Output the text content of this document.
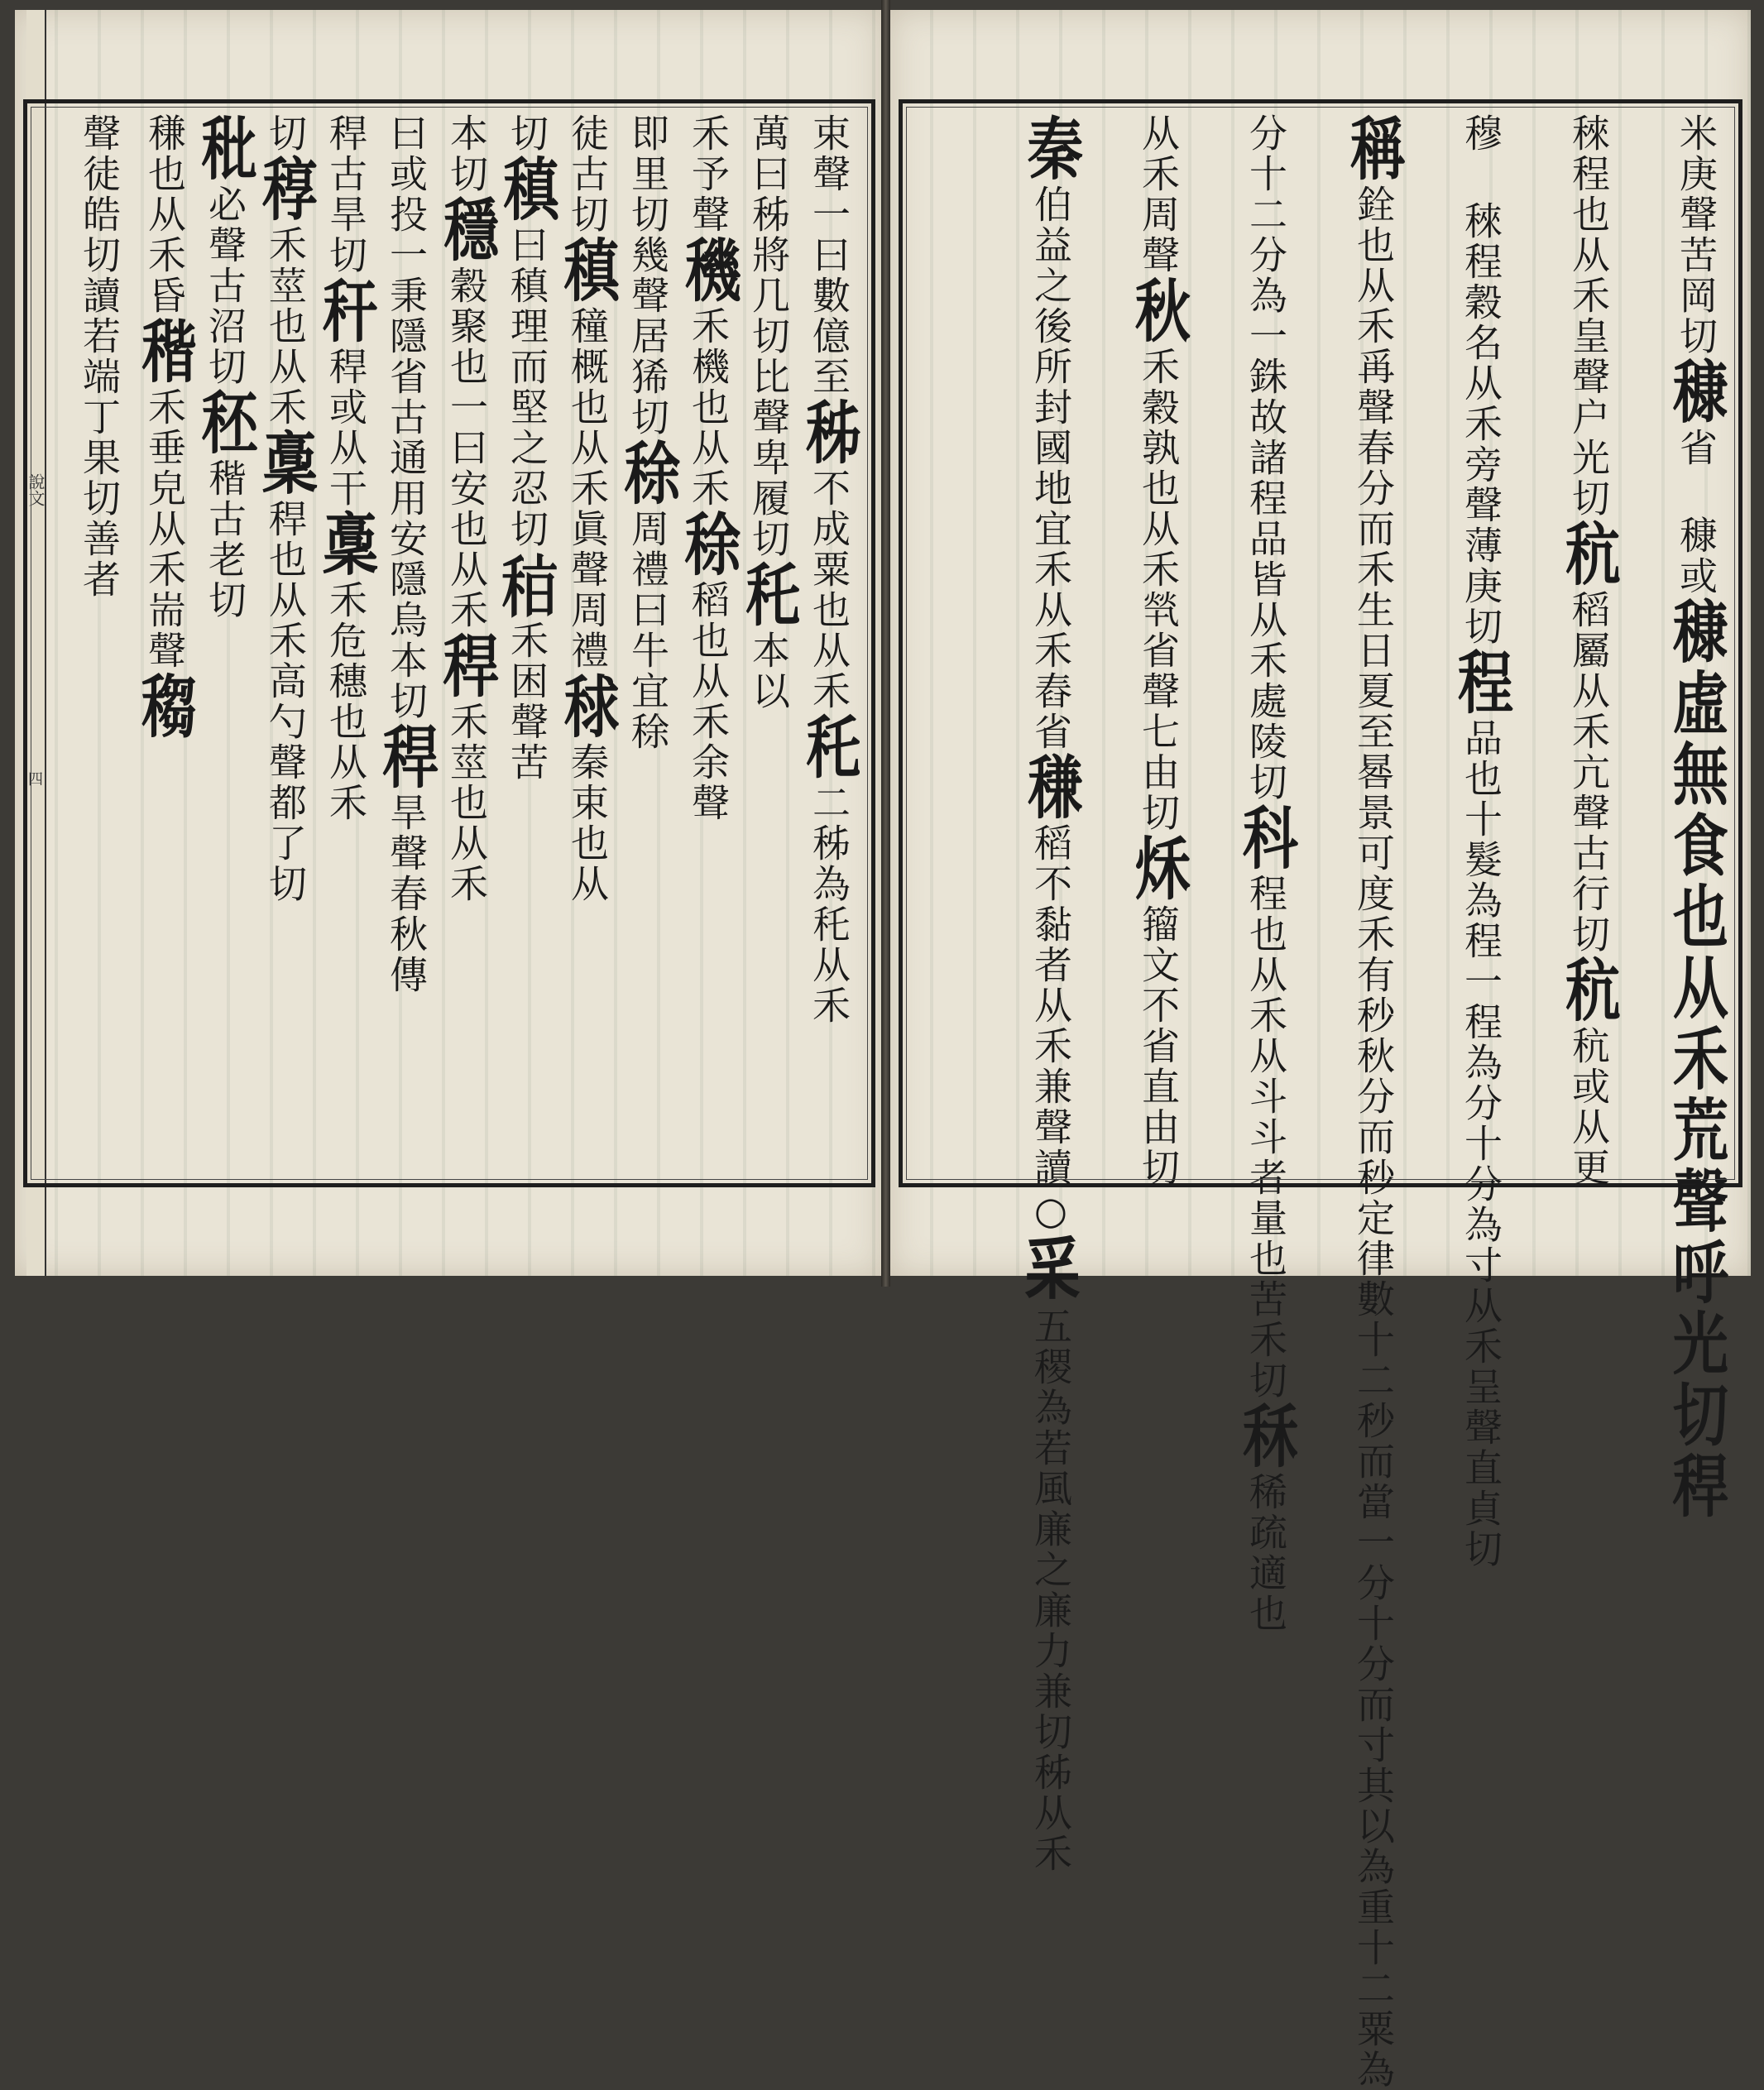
米庚聲苦岡切穅省 穅或穅虛無食也从禾荒聲呼光切稈
䅘程也从禾皇聲户光切秔稻屬从禾亢聲古行切秔秔或从更
穆 䅘程穀名从禾旁聲薄庚切程品也十髮為程一程為分十分為寸从禾呈聲直貞切
稱銓也从禾爯聲春分而禾生日夏至晷景可度禾有秒秋分而秒定律數十二秒而當一分十分而寸其以為重十二粟為
分十二分為一銖故諸程品皆从禾處陵切科程也从禾从斗斗者量也苦禾切秝稀疏適也
从禾周聲秋禾穀孰也从禾㷀省聲七由切秌籀文不省直由切
秦伯益之後所封國地宜禾从禾舂省稴稻不黏者从禾兼聲讀○𥝩五稷為若風廉之廉力兼切秭从禾
說文
四
束聲一曰數億至秭不成粟也从禾秅二秭為秅从禾
萬曰秭將几切比聲卑履切秅本以
禾予聲穖禾機也从禾稌稻也从禾余聲
即里切幾聲居狶切稌周禮曰牛宜稌
徒古切稹穜概也从禾眞聲周禮𥟇秦束也从
切稹曰稹理而堅之忍切𥞞禾困聲苦
本切穩穀聚也一曰安也从禾稈禾莖也从禾
曰或投一秉隱省古通用安隱烏本切稈旱聲春秋傳
稈古旱切秆稈或从干稾禾危穗也从禾
切稕禾莖也从禾稾稈也从禾高勺聲都了切
秕必聲古沼切秠稭古老切
稴也从禾昏稭禾垂皃从禾耑聲䅳
聲徒皓切讀若端丁果切善者
